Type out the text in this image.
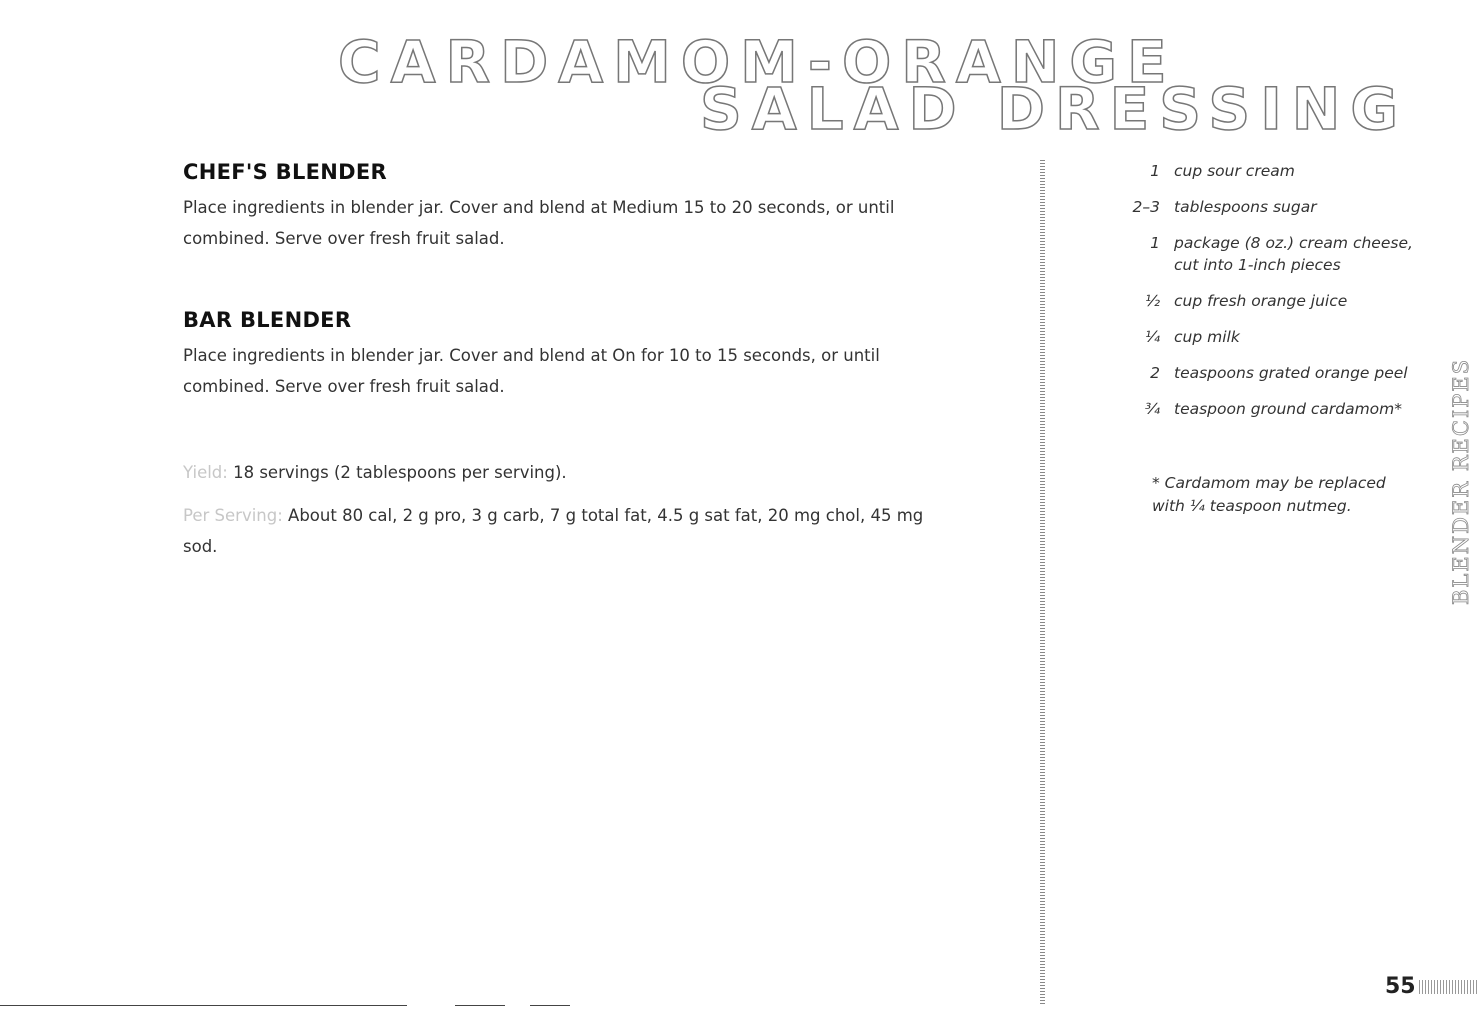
CARDAMOM-ORANGE
SALAD DRESSING
CHEF'S BLENDER

Place ingredients in blender jar. Cover and blend at Medium 15 to 20 seconds, or until combined. Serve over fresh fruit salad.

BAR BLENDER

Place ingredients in blender jar. Cover and blend at On for 10 to 15 seconds, or until combined. Serve over fresh fruit salad.

Yield: 18 servings (2 tablespoons per serving).

Per Serving: About 80 cal, 2 g pro, 3 g carb, 7 g total fat, 4.5 g sat fat, 20 mg chol, 45 mg sod.

1 cup sour cream
2–3 tablespoons sugar
1 package (8 oz.) cream cheese, cut into 1-inch pieces
½ cup fresh orange juice
¼ cup milk
2 teaspoons grated orange peel
¾ teaspoon ground cardamom*

* Cardamom may be replaced with ¼ teaspoon nutmeg.	BLENDER RECIPES
55
